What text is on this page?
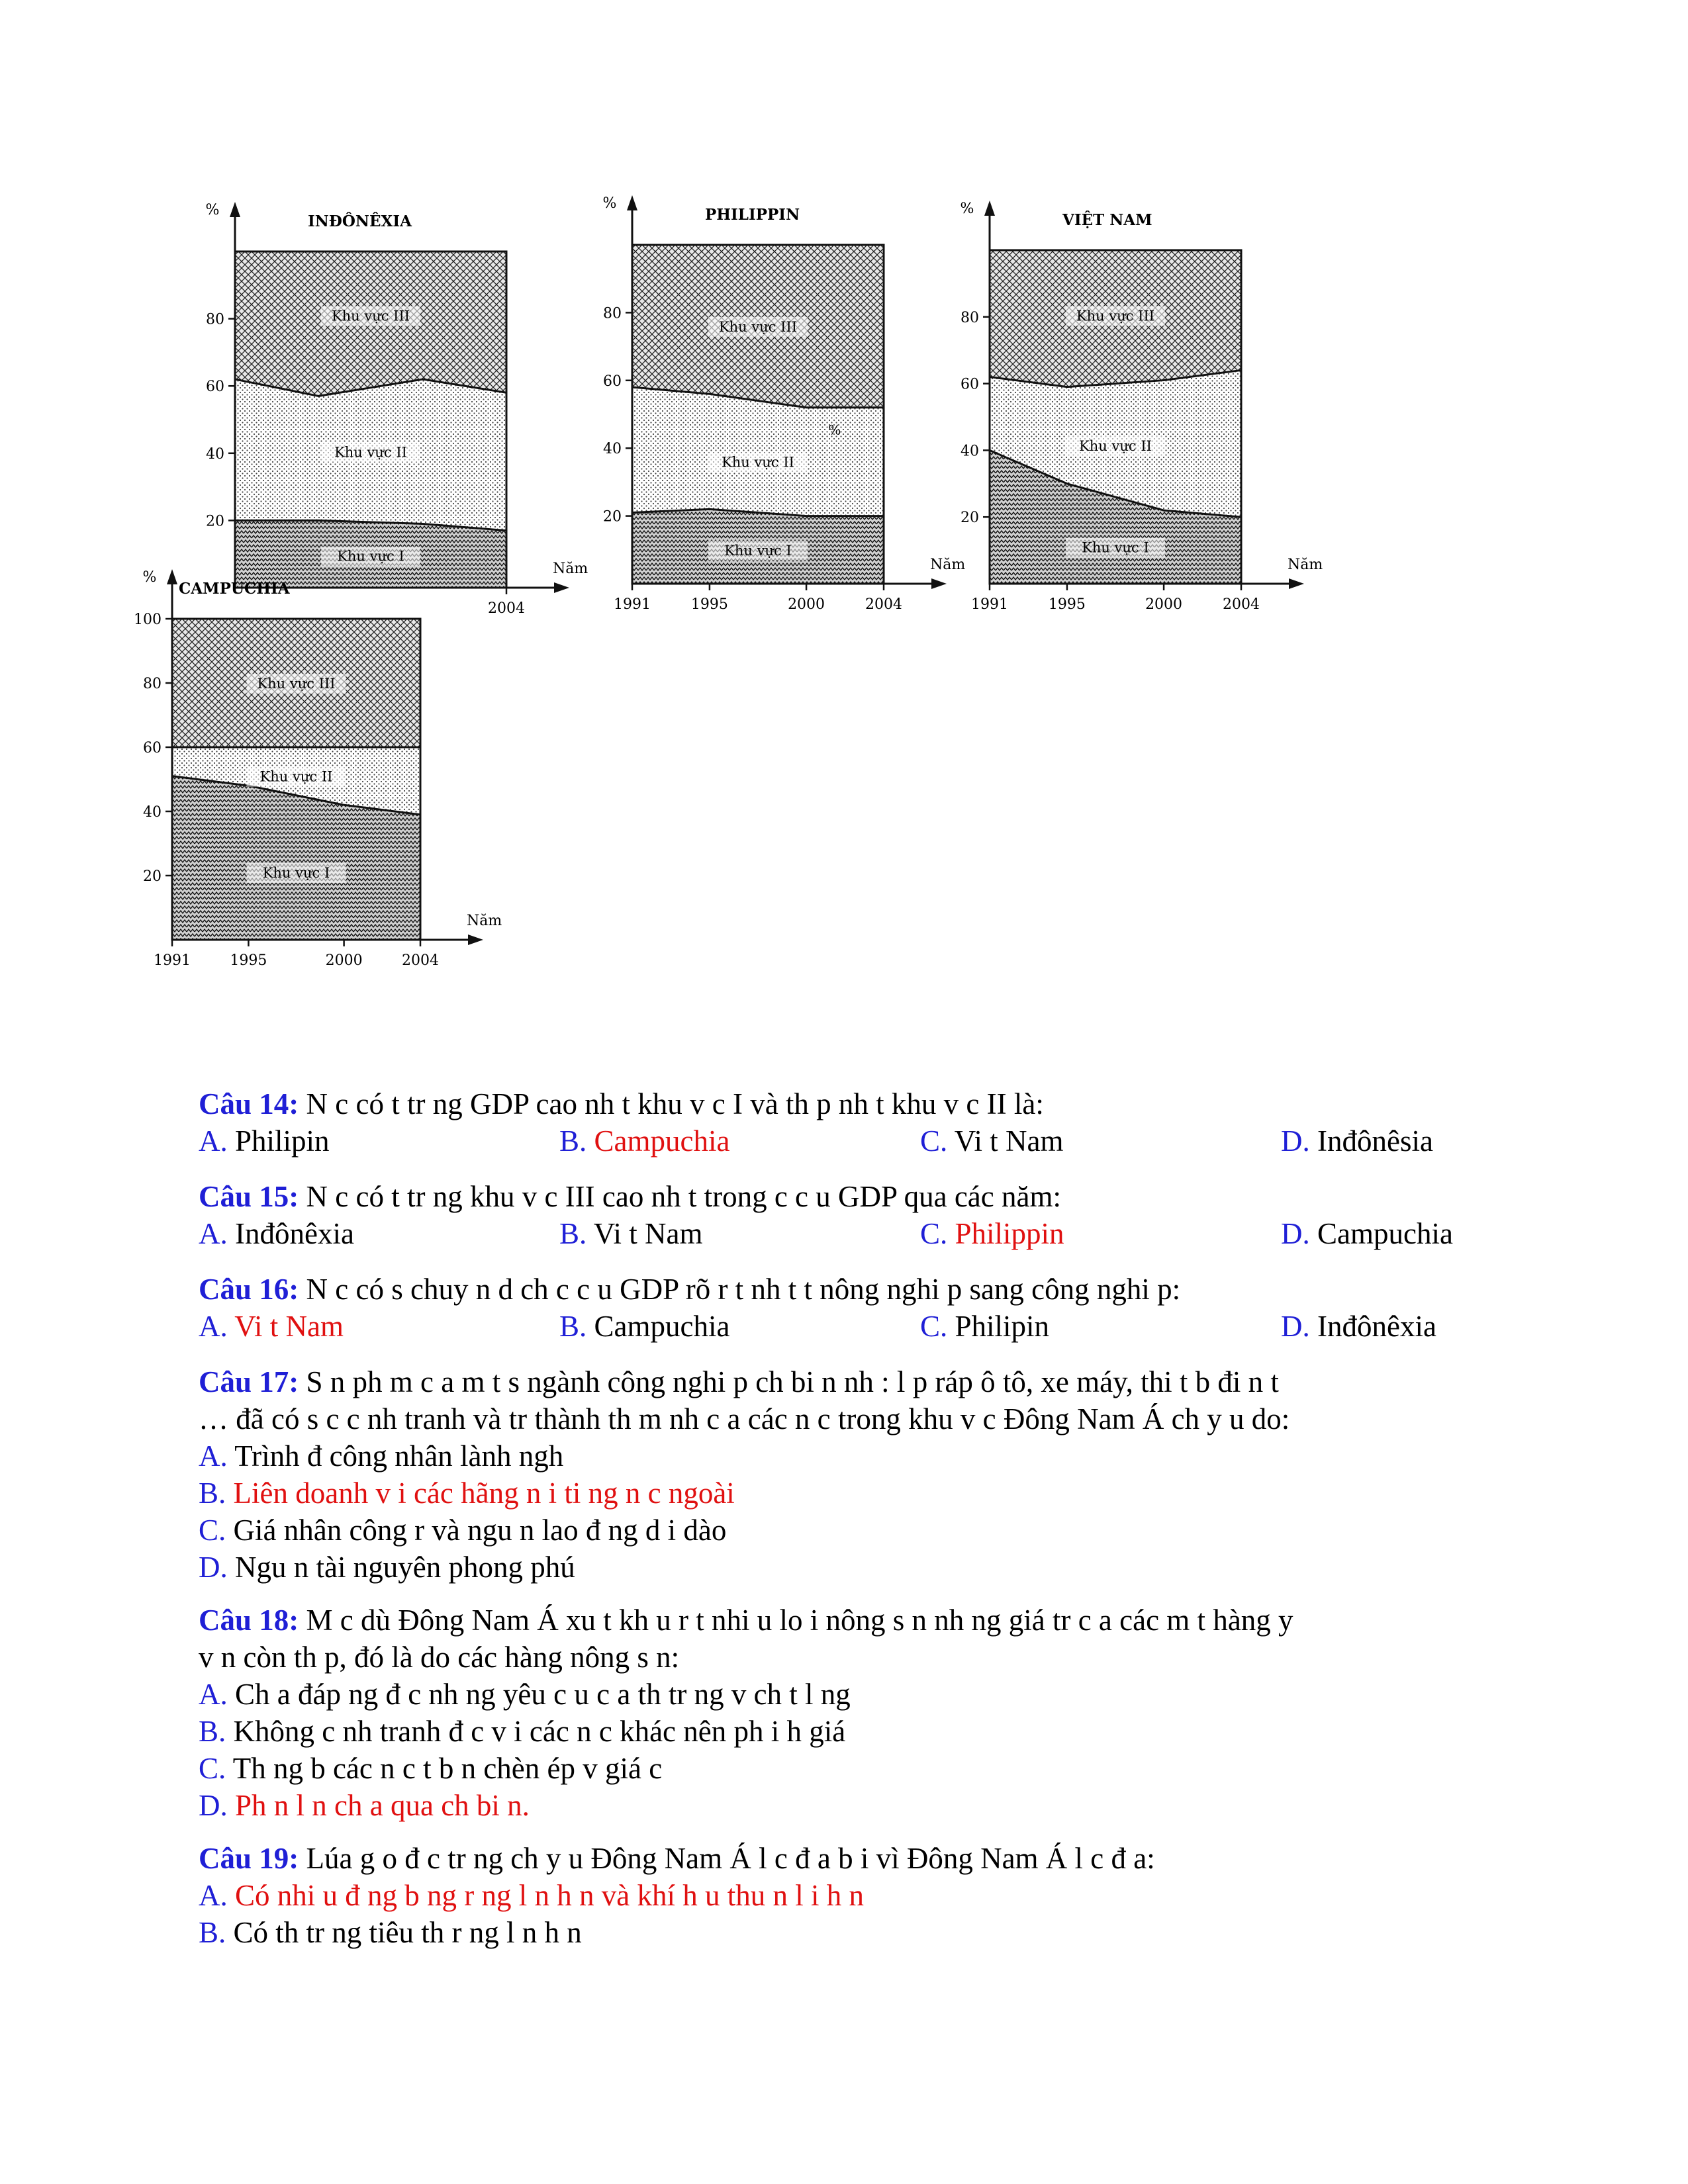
%
Năm
20
40
60
80
2004
INĐÔNÊXIA
Khu vực I
Khu vực II
Khu vực III
%
Năm
20
40
60
80
1991	1995	2000	2004
PHILIPPIN
Khu vực I
Khu vực II
Khu vực III
%
%
Năm
20
40
60
80
1991	1995	2000	2004
VIỆT NAM
Khu vực I
Khu vực II
Khu vực III
%
Năm
20
40
60
80
100
1991	1995	2000	2004
CAMPUCHIA
Khu vực I
Khu vực II
Khu vực III
Câu 14: N c có t tr ng GDP cao nh t khu v c I và th p nh t khu v c II là:
A. Philipin	B. Campuchia	C. Vi t Nam	D. Inđônêsia
Câu 15: N c có t tr ng khu v c III cao nh t trong c c u GDP qua các năm:
A. Inđônêxia	B. Vi t Nam	C. Philippin	D. Campuchia
Câu 16: N c có s chuy n d ch c c u GDP rõ r t nh t t nông nghi p sang công nghi p:
A. Vi t Nam	B. Campuchia	C. Philipin	D. Inđônêxia
Câu 17: S n ph m c a m t s ngành công nghi p ch bi n nh : l p ráp ô tô, xe máy, thi t b đi n t
… đã có s c c nh tranh và tr thành th m nh c a các n c trong khu v c Đông Nam Á ch y u do:
A. Trình đ công nhân lành ngh
B. Liên doanh v i các hãng n i ti ng n c ngoài
C. Giá nhân công r và ngu n lao đ ng d i dào
D. Ngu n tài nguyên phong phú
Câu 18: M c dù Đông Nam Á xu t kh u r t nhi u lo i nông s n nh ng giá tr c a các m t hàng y
v n còn th p, đó là do các hàng nông s n:
A. Ch a đáp ng đ c nh ng yêu c u c a th tr ng v ch t l ng
B. Không c nh tranh đ c v i các n c khác nên ph i h giá
C. Th ng b các n c t b n chèn ép v giá c
D. Ph n l n ch a qua ch bi n.
Câu 19: Lúa g o đ c tr ng ch y u Đông Nam Á l c đ a b i vì Đông Nam Á l c đ a:
A. Có nhi u đ ng b ng r ng l n h n và khí h u thu n l i h n
B. Có th tr ng tiêu th r ng l n h n
